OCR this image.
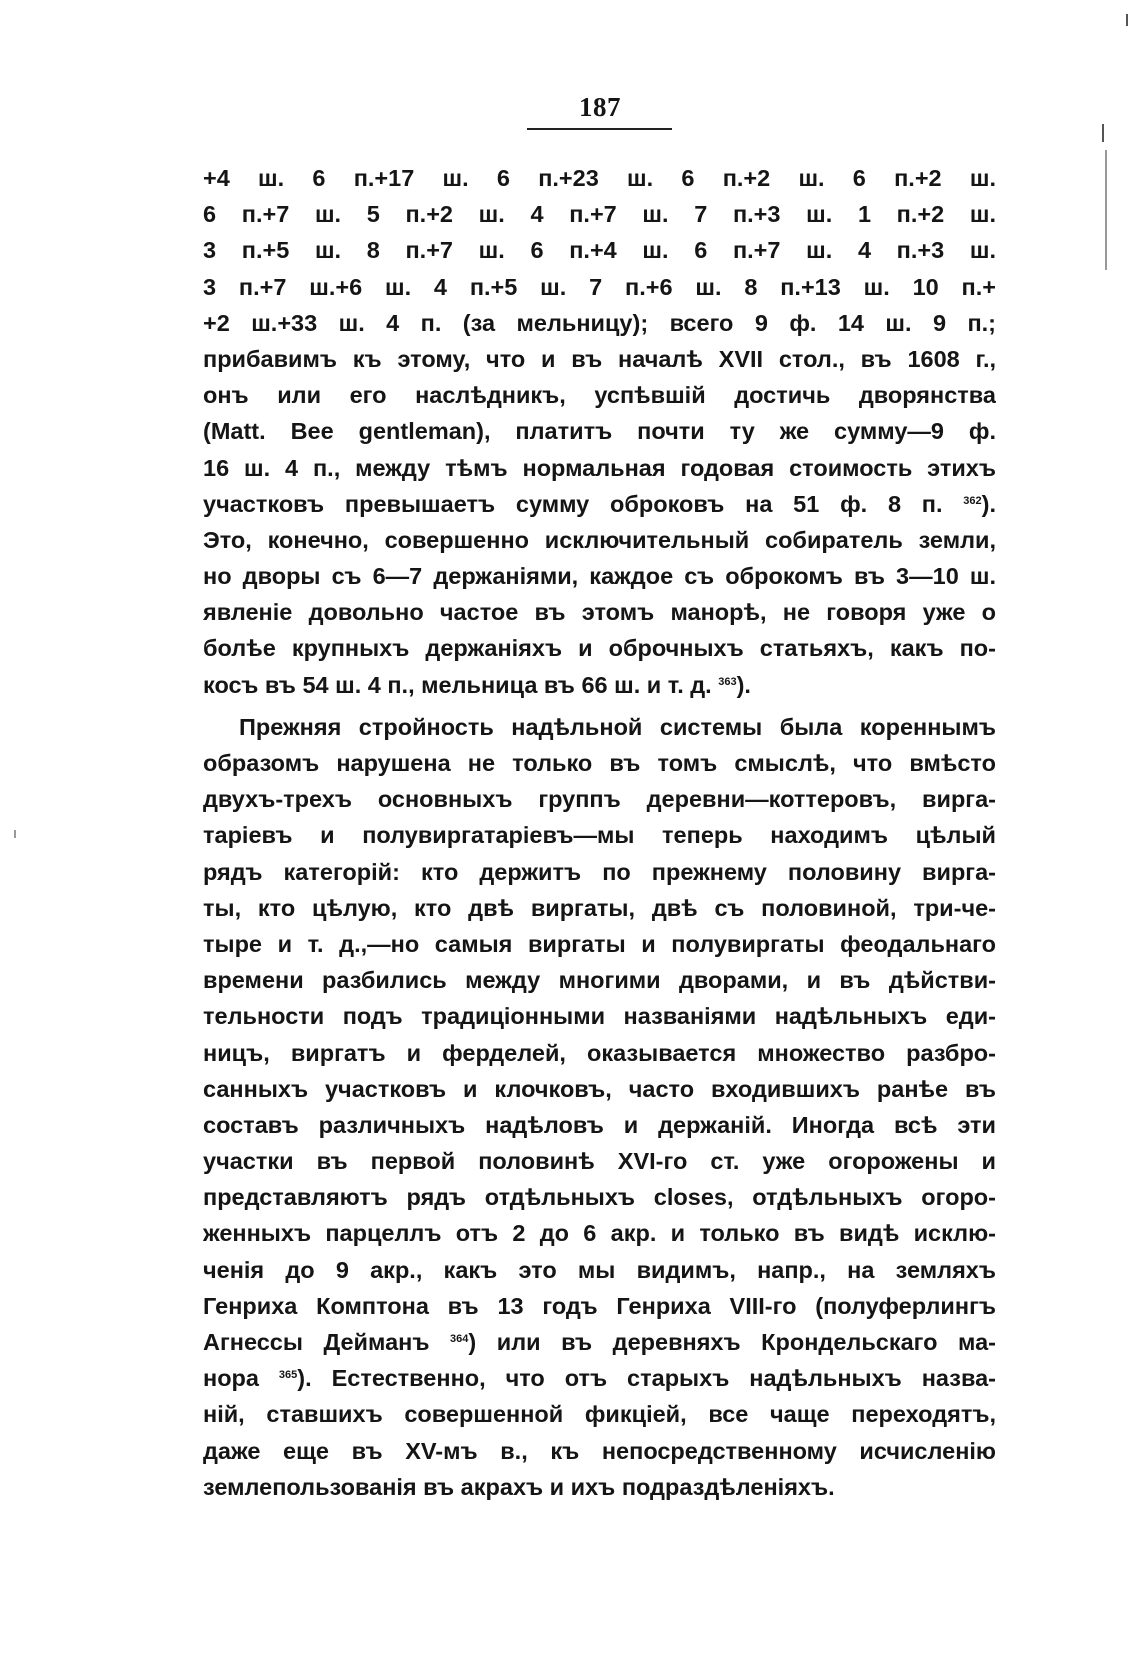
187
+4 ш. 6 п.+17 ш. 6 п.+23 ш. 6 п.+2 ш. 6 п.+2 ш.
6 п.+7 ш. 5 п.+2 ш. 4 п.+7 ш. 7 п.+3 ш. 1 п.+2 ш.
3 п.+5 ш. 8 п.+7 ш. 6 п.+4 ш. 6 п.+7 ш. 4 п.+3 ш.
3 п.+7 ш.+6 ш. 4 п.+5 ш. 7 п.+6 ш. 8 п.+13 ш. 10 п.+
+2 ш.+33 ш. 4 п. (за мельницу); всего 9 ф. 14 ш. 9 п.;
прибавимъ къ этому, что и въ началѣ XVII стол., въ 1608 г.,
онъ или его наслѣдникъ, успѣвшій достичь дворянства
(Matt. Bee gentleman), платитъ почти ту же сумму—9 ф.
16 ш. 4 п., между тѣмъ нормальная годовая стоимость этихъ
участковъ превышаетъ сумму оброковъ на 51 ф. 8 п. $^{362}$).
Это, конечно, совершенно исключительный собиратель земли,
но дворы съ 6—7 держаніями, каждое съ оброкомъ въ 3—10 ш.
явленіе довольно частое въ этомъ манорѣ, не говоря уже о
болѣе крупныхъ держаніяхъ и оброчныхъ статьяхъ, какъ по-
косъ въ 54 ш. 4 п., мельница въ 66 ш. и т. д. $^{363}$).
Прежняя стройность надѣльной системы была кореннымъ
образомъ нарушена не только въ томъ смыслѣ, что вмѣсто
двухъ-трехъ основныхъ группъ деревни—коттеровъ, вирга-
таріевъ и полувиргатаріевъ—мы теперь находимъ цѣлый
рядъ категорій: кто держитъ по прежнему половину вирга-
ты, кто цѣлую, кто двѣ виргаты, двѣ съ половиной, три-че-
тыре и т. д.,—но самыя виргаты и полувиргаты феодальнаго
времени разбились между многими дворами, и въ дѣйстви-
тельности подъ традиціонными названіями надѣльныхъ еди-
ницъ, виргатъ и ферделей, оказывается множество разбро-
санныхъ участковъ и клочковъ, часто входившихъ ранѣе въ
составъ различныхъ надѣловъ и держаній. Иногда всѣ эти
участки въ первой половинѣ XVI-го ст. уже огорожены и
представляютъ рядъ отдѣльныхъ closes, отдѣльныхъ огоро-
женныхъ парцеллъ отъ 2 до 6 акр. и только въ видѣ исклю-
ченія до 9 акр., какъ это мы видимъ, напр., на земляхъ
Генриха Комптона въ 13 годъ Генриха VIII-го (полуферлингъ
Агнессы Дейманъ $^{364}$) или въ деревняхъ Крондельскаго ма-
нора $^{365}$). Естественно, что отъ старыхъ надѣльныхъ назва-
ній, ставшихъ совершенной фикціей, все чаще переходятъ,
даже еще въ XV-мъ в., къ непосредственному исчисленію
землепользованія въ акрахъ и ихъ подраздѣленіяхъ.
